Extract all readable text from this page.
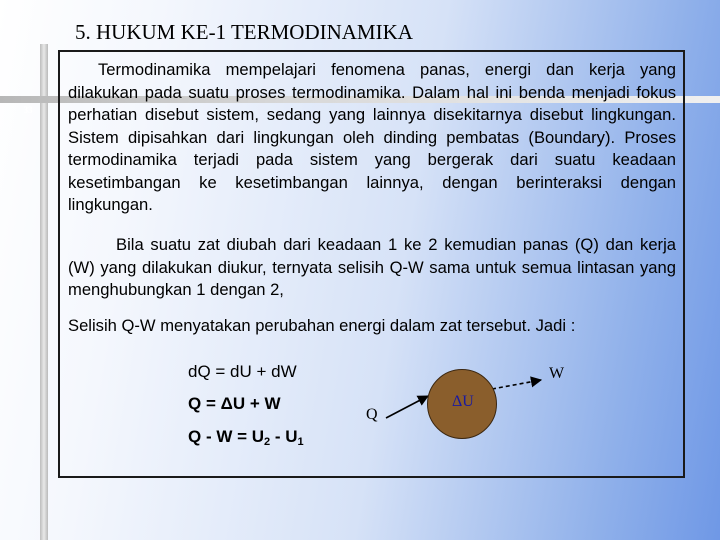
5. HUKUM KE-1 TERMODINAMIKA
33

Termodinamika mempelajari fenomena panas, energi dan kerja yang dilakukan pada suatu proses termodinamika. Dalam hal ini benda menjadi fokus perhatian disebut sistem, sedang yang lainnya disekitarnya disebut lingkungan. Sistem dipisahkan dari lingkungan oleh dinding pembatas (Boundary). Proses termodinamika terjadi pada sistem yang bergerak dari suatu keadaan kesetimbangan ke kesetimbangan lainnya, dengan berinteraksi dengan lingkungan.

Bila suatu zat diubah dari keadaan 1 ke 2 kemudian panas (Q) dan kerja (W) yang dilakukan diukur, ternyata selisih Q-W sama untuk semua lintasan yang menghubungkan 1 dengan 2,

Selisih Q-W menyatakan perubahan energi dalam zat tersebut. Jadi :

dQ = dU + dW
Q = ΔU + W
$Q - W = U_2 - U_1$
W
Q
ΔU
